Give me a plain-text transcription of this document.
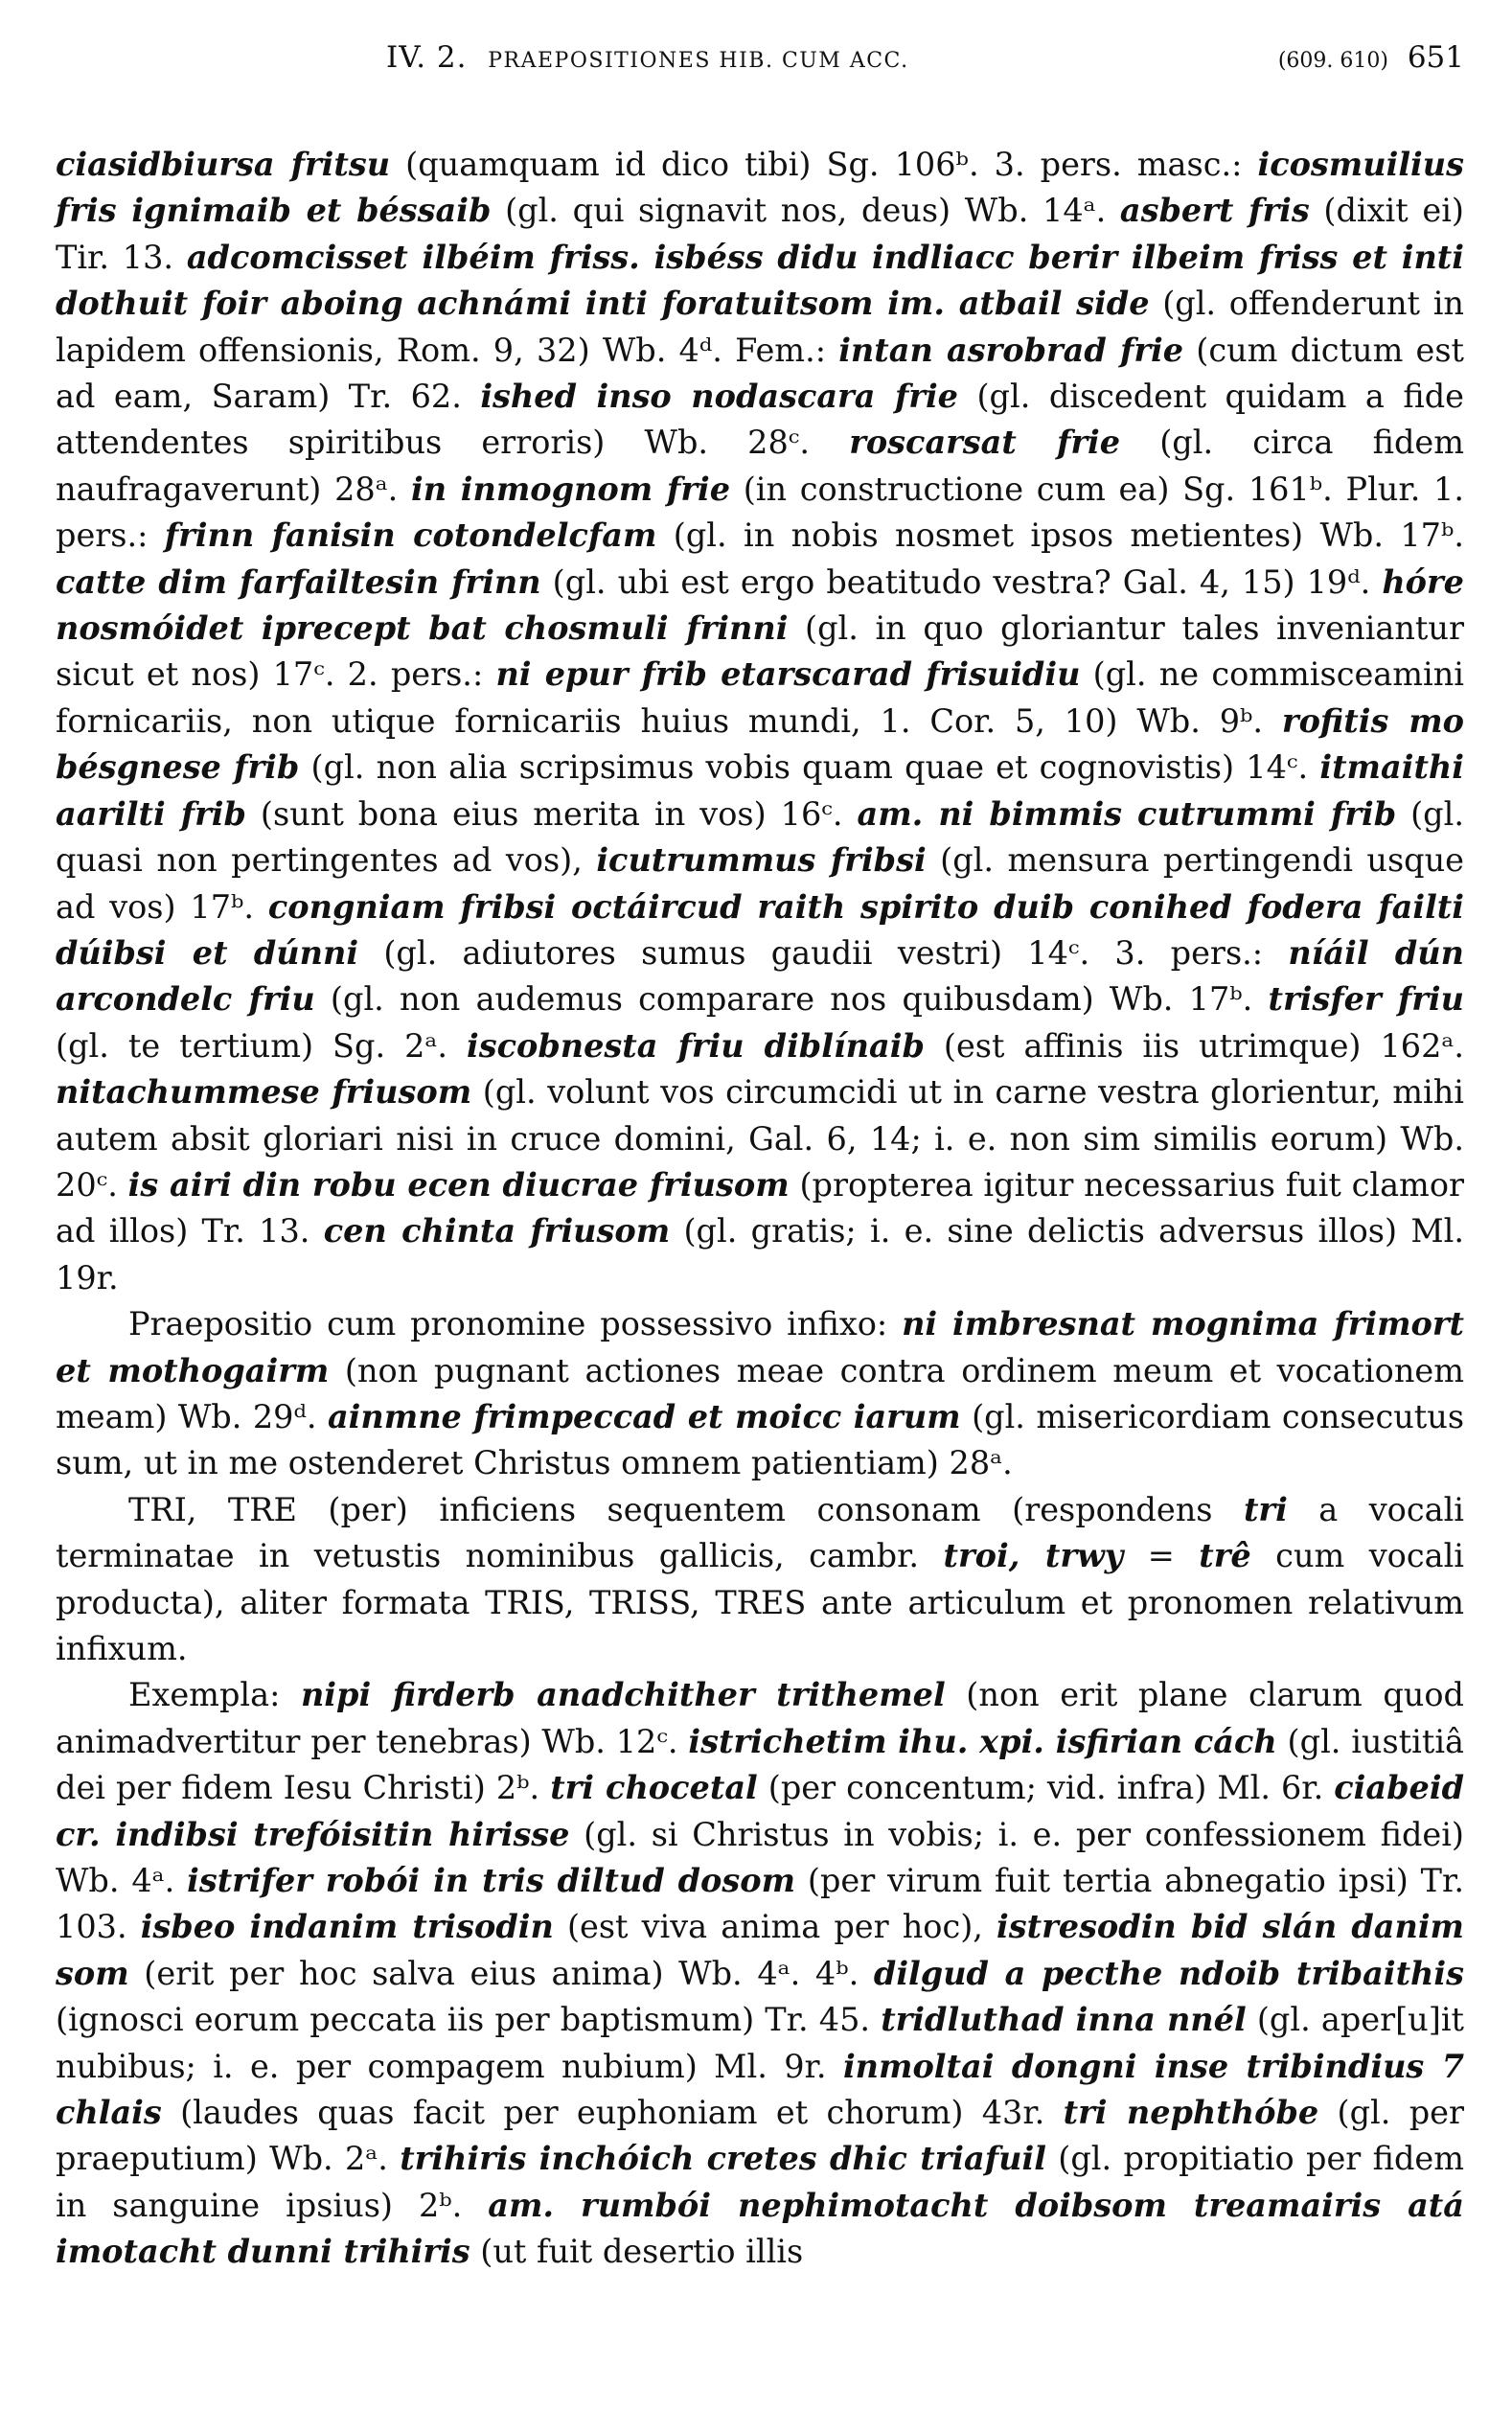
IV. 2. PRAEPOSITIONES HIB. CUM ACC.	(609. 610) 651

ciasidbiursa fritsu (quamquam id dico tibi) Sg. 106ᵇ. 3. pers. masc.: icosmuilius fris ignimaib et béssaib (gl. qui signavit nos, deus) Wb. 14ᵃ. asbert fris (dixit ei) Tir. 13. adcomcisset ilbéim friss. isbéss didu indliacc berir ilbeim friss et inti dothuit foir aboing achnámi inti foratuitsom im. atbail side (gl. offenderunt in lapidem offensionis, Rom. 9, 32) Wb. 4ᵈ. Fem.: intan asrobrad frie (cum dictum est ad eam, Saram) Tr. 62. ished inso nodascara frie (gl. discedent quidam a fide attendentes spiritibus erroris) Wb. 28ᶜ. roscarsat frie (gl. circa fidem naufragaverunt) 28ᵃ. in inmognom frie (in constructione cum ea) Sg. 161ᵇ. Plur. 1. pers.: frinn fanisin cotondelcfam (gl. in nobis nosmet ipsos metientes) Wb. 17ᵇ. catte dim farfailtesin frinn (gl. ubi est ergo beatitudo vestra? Gal. 4, 15) 19ᵈ. hóre nosmóidet iprecept bat chosmuli frinni (gl. in quo gloriantur tales inveniantur sicut et nos) 17ᶜ. 2. pers.: ni epur frib etarscarad frisuidiu (gl. ne commisceamini fornicariis, non utique fornicariis huius mundi, 1. Cor. 5, 10) Wb. 9ᵇ. rofitis mo bésgnese frib (gl. non alia scripsimus vobis quam quae et cognovistis) 14ᶜ. itmaithi aarilti frib (sunt bona eius merita in vos) 16ᶜ. am. ni bimmis cutrummi frib (gl. quasi non pertingentes ad vos), icutrummus fribsi (gl. mensura pertingendi usque ad vos) 17ᵇ. congniam fribsi octáircud raith spirito duib conihed fodera failti dúibsi et dúnni (gl. adiutores sumus gaudii vestri) 14ᶜ. 3. pers.: níáil dún arcondelc friu (gl. non audemus comparare nos quibusdam) Wb. 17ᵇ. trisfer friu (gl. te tertium) Sg. 2ᵃ. iscobnesta friu diblínaib (est affinis iis utrimque) 162ᵃ. nitachummese friusom (gl. volunt vos circumcidi ut in carne vestra glorientur, mihi autem absit gloriari nisi in cruce domini, Gal. 6, 14; i. e. non sim similis eorum) Wb. 20ᶜ. is airi din robu ecen diucrae friusom (propterea igitur necessarius fuit clamor ad illos) Tr. 13. cen chinta friusom (gl. gratis; i. e. sine delictis adversus illos) Ml. 19r.

Praepositio cum pronomine possessivo infixo: ni imbresnat mognima frimort et mothogairm (non pugnant actiones meae contra ordinem meum et vocationem meam) Wb. 29ᵈ. ainmne frimpeccad et moicc iarum (gl. misericordiam consecutus sum, ut in me ostenderet Christus omnem patientiam) 28ᵃ.

TRI, TRE (per) inficiens sequentem consonam (respondens tri a vocali terminatae in vetustis nominibus gallicis, cambr. troi, trwy = trê cum vocali producta), aliter formata TRIS, TRISS, TRES ante articulum et pronomen relativum infixum.

Exempla: nipi firderb anadchither trithemel (non erit plane clarum quod animadvertitur per tenebras) Wb. 12ᶜ. istrichetim ihu. xpi. isfirian cách (gl. iustitiâ dei per fidem Iesu Christi) 2ᵇ. tri chocetal (per concentum; vid. infra) Ml. 6r. ciabeid cr. indibsi trefóisitin hirisse (gl. si Christus in vobis; i. e. per confessionem fidei) Wb. 4ᵃ. istrifer robói in tris diltud dosom (per virum fuit tertia abnegatio ipsi) Tr. 103. isbeo indanim trisodin (est viva anima per hoc), istresodin bid slán danim som (erit per hoc salva eius anima) Wb. 4ᵃ. 4ᵇ. dilgud a pecthe ndoib tribaithis (ignosci eorum peccata iis per baptismum) Tr. 45. tridluthad inna nnél (gl. aper[u]it nubibus; i. e. per compagem nubium) Ml. 9r. inmoltai dongni inse tribindius 7 chlais (laudes quas facit per euphoniam et chorum) 43r. tri nephthóbe (gl. per praeputium) Wb. 2ᵃ. trihiris inchóich cretes dhic triafuil (gl. propitiatio per fidem in sanguine ipsius) 2ᵇ. am. rumbói nephimotacht doibsom treamairis atá imotacht dunni trihiris (ut fuit desertio illis
